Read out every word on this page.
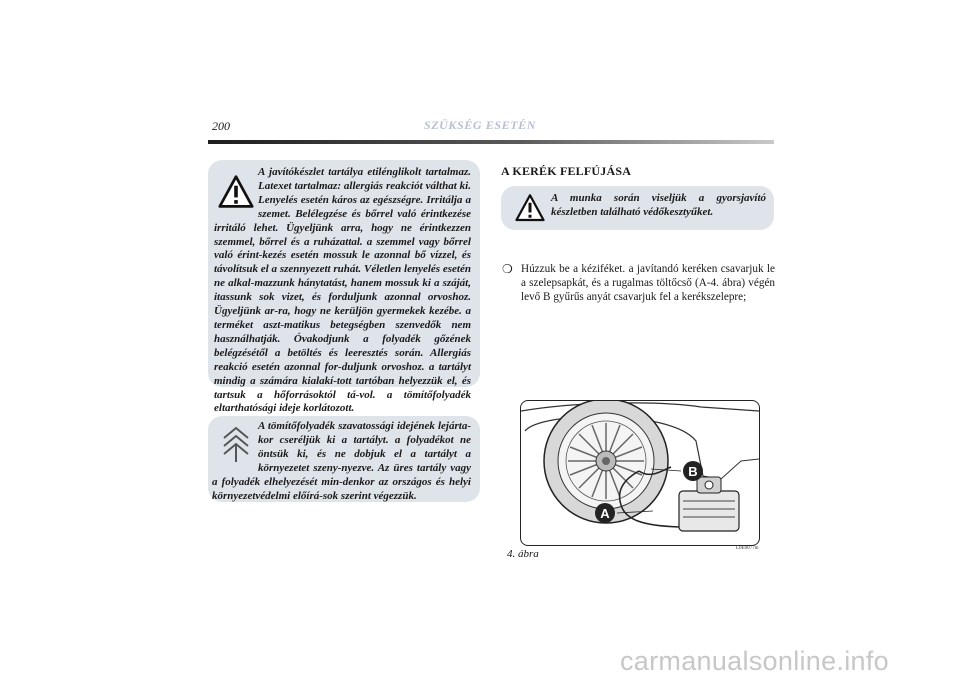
200	SZÜKSÉG ESETÉN

A javítókészlet tartálya etilénglikolt tartalmaz. Latexet tartalmaz: allergiás reakciót válthat ki. Lenyelés esetén káros az egészségre. Irritálja a szemet. Belélegzése és bőrrel való érintkezése irritáló lehet. Ügyeljünk arra, hogy ne érintkezzen szemmel, bőrrel és a ruházattal. a szemmel vagy bőrrel való érint-kezés esetén mossuk le azonnal bő vízzel, és távolítsuk el a szennyezett ruhát. Véletlen lenyelés esetén ne alkal-mazzunk hánytatást, hanem mossuk ki a száját, itassunk sok vizet, és forduljunk azonnal orvoshoz. Ügyeljünk ar-ra, hogy ne kerüljön gyermekek kezébe. a terméket aszt-matikus betegségben szenvedők nem használhatják. Óvakodjunk a folyadék gőzének belégzésétől a betöltés és leeresztés során. Allergiás reakció esetén azonnal for-duljunk orvoshoz. a tartályt mindig a számára kialakí-tott tartóban helyezzük el, és tartsuk a hőforrásoktól tá-vol. a tömítőfolyadék eltarthatósági ideje korlátozott.

A tömítőfolyadék szavatossági idejének lejárta-kor cseréljük ki a tartályt. a folyadékot ne öntsük ki, és ne dobjuk el a tartályt a környezetet szeny-nyezve. Az üres tartály vagy a folyadék elhelyezését min-denkor az országos és helyi környezetvédelmi előírá-sok szerint végezzük.

A KERÉK FELFÚJÁSA

A munka során viseljük a gyorsjavító készletben található védőkesztyűket.

❍ Húzzuk be a kéziféket. a javítandó keréken csavarjuk le a szelepsapkát, és a rugalmas töltőcső (A-4. ábra) végén levő B gyűrűs anyát csavarjuk fel a kerékszelepre;
B
A
4. ábra	L0E0077m
carmanualsonline.info
